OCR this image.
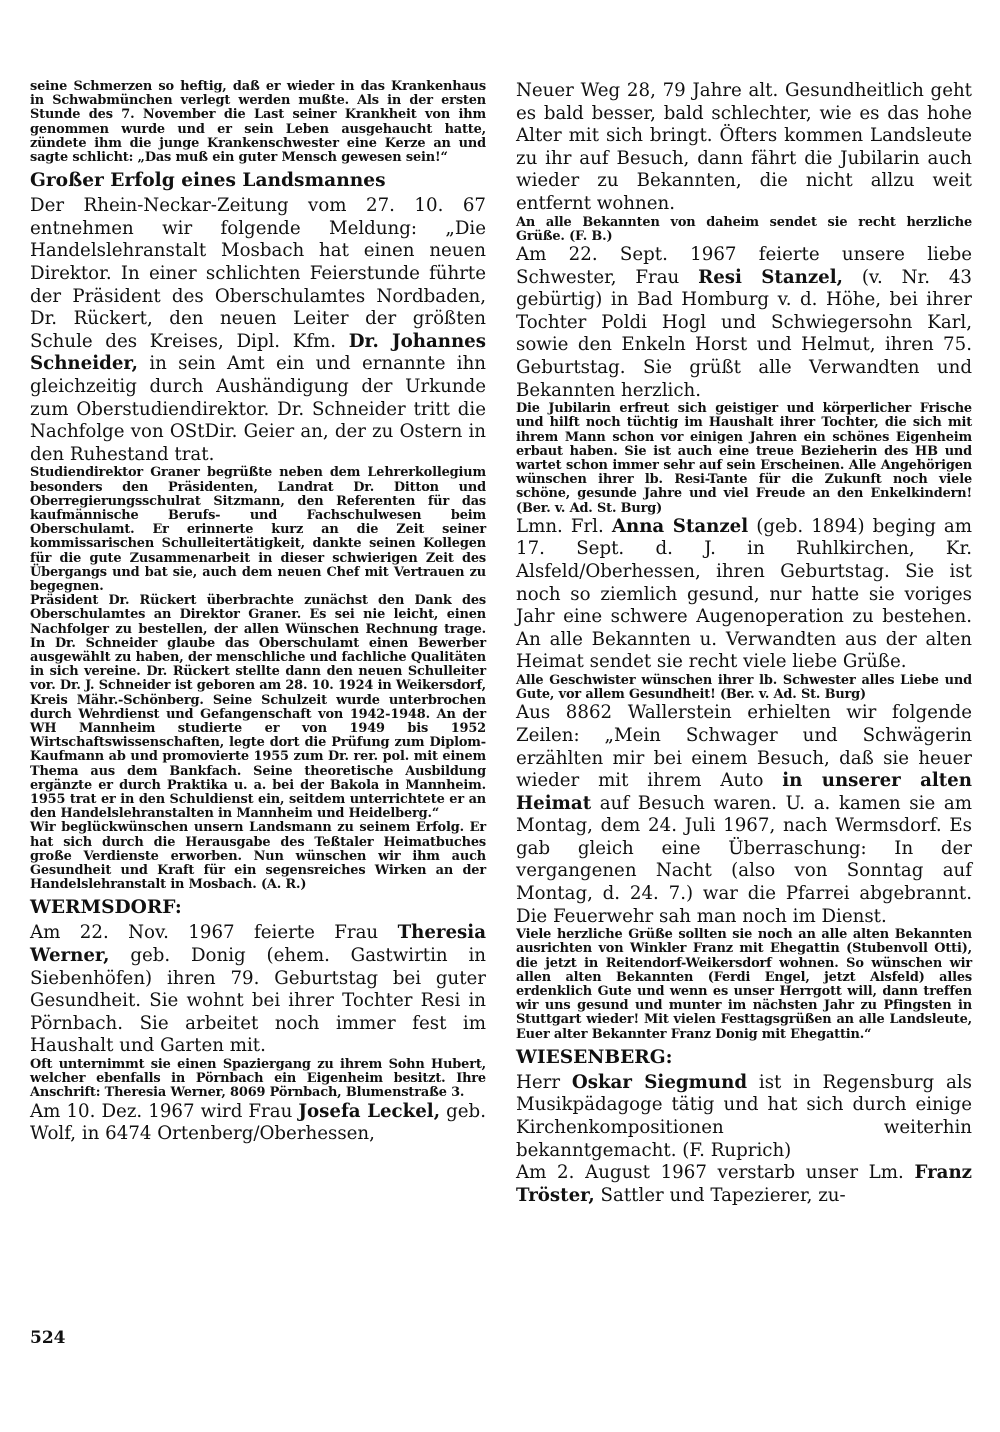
seine Schmerzen so heftig, daß er wieder in das Krankenhaus in Schwabmünchen verlegt werden mußte. Als in der ersten Stunde des 7. November die Last seiner Krankheit von ihm genommen wurde und er sein Leben ausgehaucht hatte, zündete ihm die junge Krankenschwester eine Kerze an und sagte schlicht: „Das muß ein guter Mensch gewesen sein!“

Großer Erfolg eines Landsmannes

Der Rhein-Neckar-Zeitung vom 27. 10. 67 entnehmen wir folgende Meldung: „Die Handelslehranstalt Mosbach hat einen neuen Direktor. In einer schlichten Feierstunde führte der Präsident des Oberschulamtes Nordbaden, Dr. Rückert, den neuen Leiter der größten Schule des Kreises, Dipl. Kfm. Dr. Johannes Schneider, in sein Amt ein und ernannte ihn gleichzeitig durch Aushändigung der Urkunde zum Oberstudiendirektor. Dr. Schneider tritt die Nachfolge von OStDir. Geier an, der zu Ostern in den Ruhestand trat.

Studiendirektor Graner begrüßte neben dem Lehrerkollegium besonders den Präsidenten, Landrat Dr. Ditton und Oberregierungsschulrat Sitzmann, den Referenten für das kaufmännische Berufs- und Fachschulwesen beim Oberschulamt. Er erinnerte kurz an die Zeit seiner kommissarischen Schulleitertätigkeit, dankte seinen Kollegen für die gute Zusammenarbeit in dieser schwierigen Zeit des Übergangs und bat sie, auch dem neuen Chef mit Vertrauen zu begegnen.

Präsident Dr. Rückert überbrachte zunächst den Dank des Oberschulamtes an Direktor Graner. Es sei nie leicht, einen Nachfolger zu bestellen, der allen Wünschen Rechnung trage. In Dr. Schneider glaube das Oberschulamt einen Bewerber ausgewählt zu haben, der menschliche und fachliche Qualitäten in sich vereine. Dr. Rückert stellte dann den neuen Schulleiter vor. Dr. J. Schneider ist geboren am 28. 10. 1924 in Weikersdorf, Kreis Mähr.-Schönberg. Seine Schulzeit wurde unterbrochen durch Wehrdienst und Gefangenschaft von 1942-1948. An der WH Mannheim studierte er von 1949 bis 1952 Wirtschaftswissenschaften, legte dort die Prüfung zum Diplom-Kaufmann ab und promovierte 1955 zum Dr. rer. pol. mit einem Thema aus dem Bankfach. Seine theoretische Ausbildung ergänzte er durch Praktika u. a. bei der Bakola in Mannheim. 1955 trat er in den Schuldienst ein, seitdem unterrichtete er an den Handelslehranstalten in Mannheim und Heidelberg.“

Wir beglückwünschen unsern Landsmann zu seinem Erfolg. Er hat sich durch die Herausgabe des Teßtaler Heimatbuches große Verdienste erworben. Nun wünschen wir ihm auch Gesundheit und Kraft für ein segensreiches Wirken an der Handelslehranstalt in Mosbach. (A. R.)

WERMSDORF:

Am 22. Nov. 1967 feierte Frau Theresia Werner, geb. Donig (ehem. Gastwirtin in Siebenhöfen) ihren 79. Geburtstag bei guter Gesundheit. Sie wohnt bei ihrer Tochter Resi in Pörnbach. Sie arbeitet noch immer fest im Haushalt und Garten mit.

Oft unternimmt sie einen Spaziergang zu ihrem Sohn Hubert, welcher ebenfalls in Pörnbach ein Eigenheim besitzt. Ihre Anschrift: Theresia Werner, 8069 Pörnbach, Blumenstraße 3.

Am 10. Dez. 1967 wird Frau Josefa Leckel, geb. Wolf, in 6474 Ortenberg/Oberhessen,

Neuer Weg 28, 79 Jahre alt. Gesundheitlich geht es bald besser, bald schlechter, wie es das hohe Alter mit sich bringt. Öfters kommen Landsleute zu ihr auf Besuch, dann fährt die Jubilarin auch wieder zu Bekannten, die nicht allzu weit entfernt wohnen.

An alle Bekannten von daheim sendet sie recht herzliche Grüße. (F. B.)

Am 22. Sept. 1967 feierte unsere liebe Schwester, Frau Resi Stanzel, (v. Nr. 43 gebürtig) in Bad Homburg v. d. Höhe, bei ihrer Tochter Poldi Hogl und Schwiegersohn Karl, sowie den Enkeln Horst und Helmut, ihren 75. Geburtstag. Sie grüßt alle Verwandten und Bekannten herzlich.

Die Jubilarin erfreut sich geistiger und körperlicher Frische und hilft noch tüchtig im Haushalt ihrer Tochter, die sich mit ihrem Mann schon vor einigen Jahren ein schönes Eigenheim erbaut haben. Sie ist auch eine treue Bezieherin des HB und wartet schon immer sehr auf sein Erscheinen. Alle Angehörigen wünschen ihrer lb. Resi-Tante für die Zukunft noch viele schöne, gesunde Jahre und viel Freude an den Enkelkindern! (Ber. v. Ad. St. Burg)

Lmn. Frl. Anna Stanzel (geb. 1894) beging am 17. Sept. d. J. in Ruhlkirchen, Kr. Alsfeld/Oberhessen, ihren Geburtstag. Sie ist noch so ziemlich gesund, nur hatte sie voriges Jahr eine schwere Augenoperation zu bestehen. An alle Bekannten u. Verwandten aus der alten Heimat sendet sie recht viele liebe Grüße.

Alle Geschwister wünschen ihrer lb. Schwester alles Liebe und Gute, vor allem Gesundheit! (Ber. v. Ad. St. Burg)

Aus 8862 Wallerstein erhielten wir folgende Zeilen: „Mein Schwager und Schwägerin erzählten mir bei einem Besuch, daß sie heuer wieder mit ihrem Auto in unserer alten Heimat auf Besuch waren. U. a. kamen sie am Montag, dem 24. Juli 1967, nach Wermsdorf. Es gab gleich eine Überraschung: In der vergangenen Nacht (also von Sonntag auf Montag, d. 24. 7.) war die Pfarrei abgebrannt. Die Feuerwehr sah man noch im Dienst.

Viele herzliche Grüße sollten sie noch an alle alten Bekannten ausrichten von Winkler Franz mit Ehegattin (Stubenvoll Otti), die jetzt in Reitendorf-Weikersdorf wohnen. So wünschen wir allen alten Bekannten (Ferdi Engel, jetzt Alsfeld) alles erdenklich Gute und wenn es unser Herrgott will, dann treffen wir uns gesund und munter im nächsten Jahr zu Pfingsten in Stuttgart wieder! Mit vielen Festtagsgrüßen an alle Landsleute, Euer alter Bekannter Franz Donig mit Ehegattin.“

WIESENBERG:

Herr Oskar Siegmund ist in Regensburg als Musikpädagoge tätig und hat sich durch einige Kirchenkompositionen weiterhin bekanntgemacht. (F. Ruprich)

Am 2. August 1967 verstarb unser Lm. Franz Tröster, Sattler und Tapezierer, zu-

524
